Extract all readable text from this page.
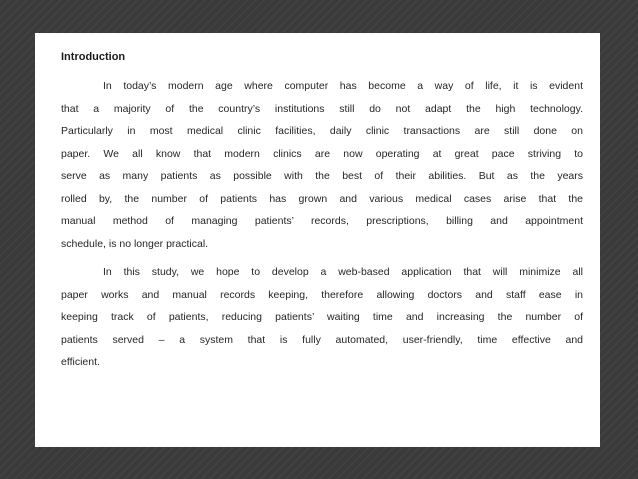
Introduction
In today’s modern age where computer has become a way of life, it is evident
that a majority of the country’s institutions still do not adapt the high technology.
Particularly in most medical clinic facilities, daily clinic transactions are still done on
paper. We all know that modern clinics are now operating at great pace striving to
serve as many patients as possible with the best of their abilities. But as the years
rolled by, the number of patients has grown and various medical cases arise that the
manual method of managing patients’ records, prescriptions, billing and appointment
schedule, is no longer practical.
In this study, we hope to develop a web-based application that will minimize all
paper works and manual records keeping, therefore allowing doctors and staff ease in
keeping track of patients, reducing patients’ waiting time and increasing the number of
patients served – a system that is fully automated, user-friendly, time effective and
efficient.
